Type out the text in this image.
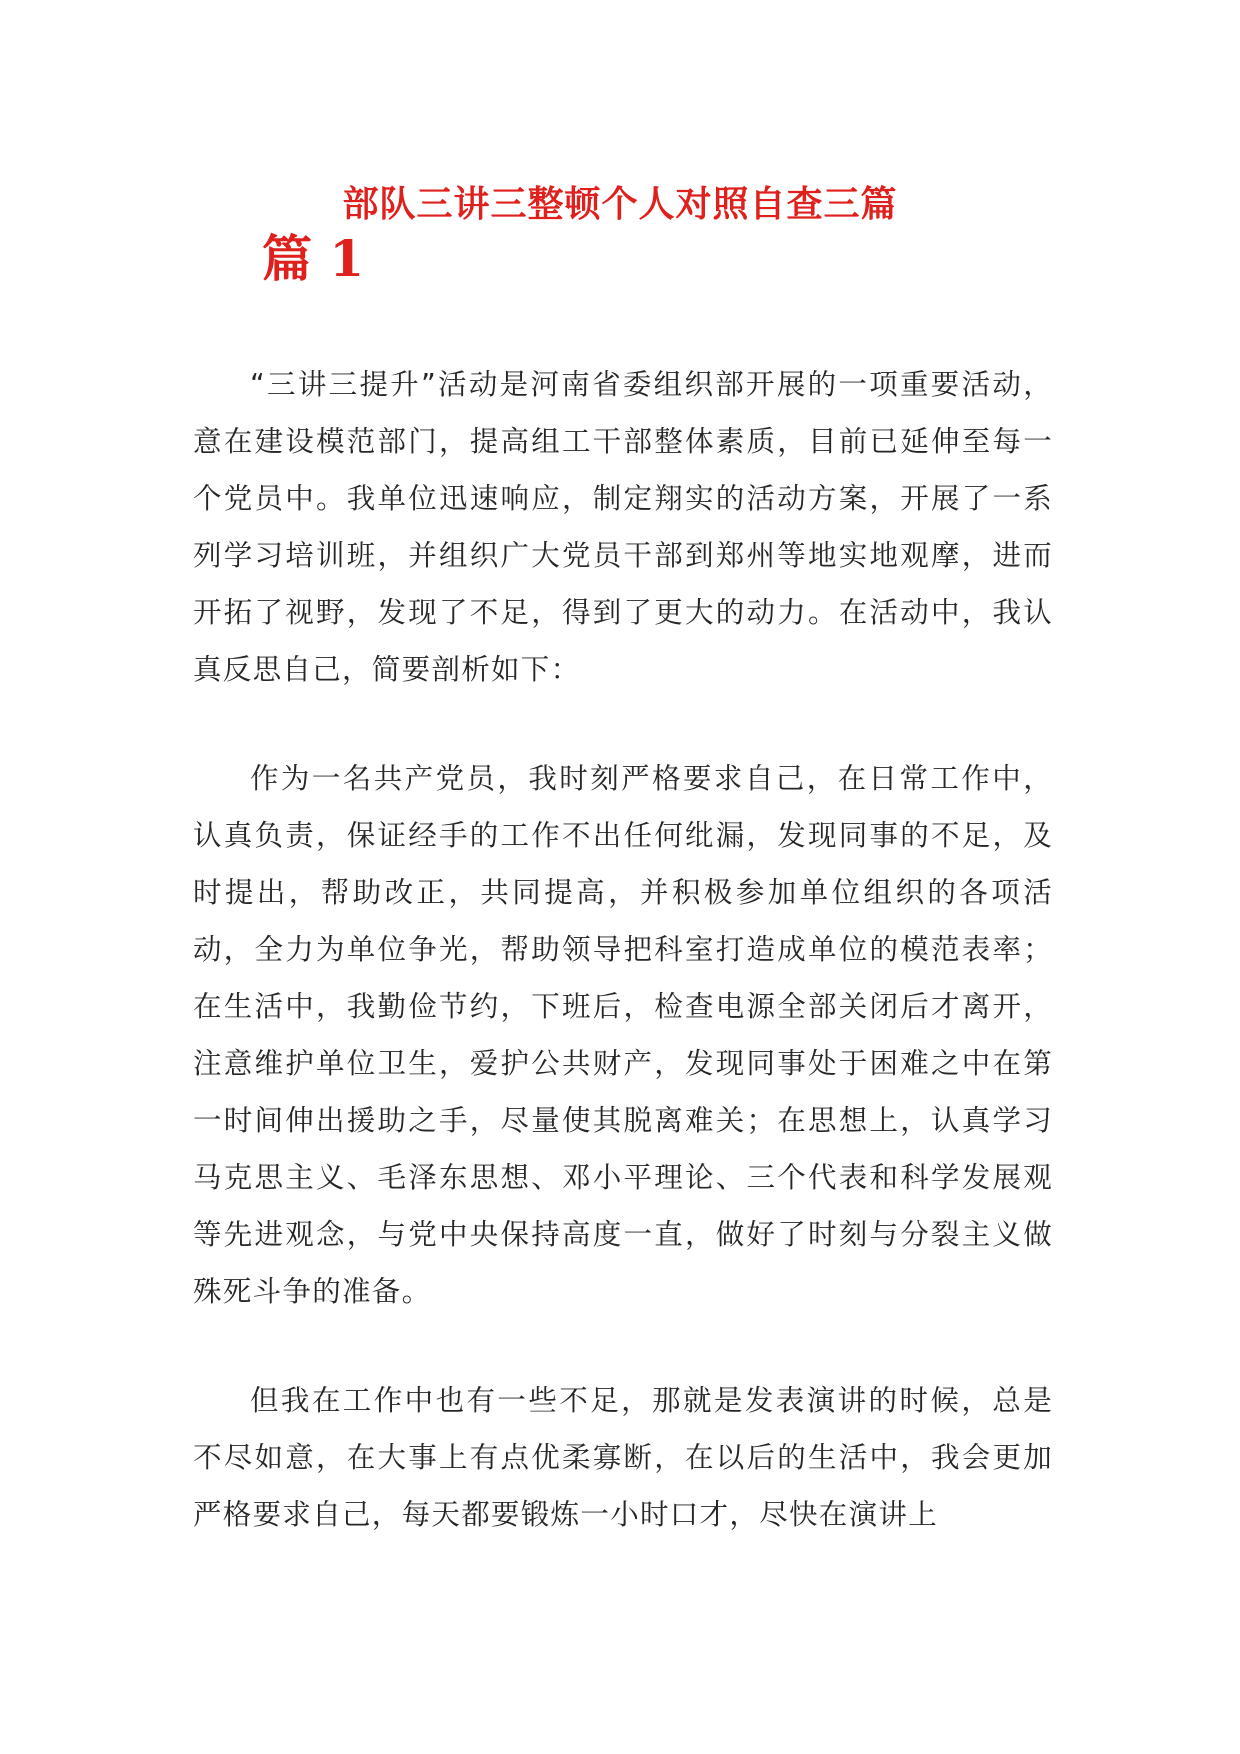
部队三讲三整顿个人对照自查三篇
篇 1

“三讲三提升”活动是河南省委组织部开展的一项重要活动，意在建设模范部门，提高组工干部整体素质，目前已延伸至每一个党员中。我单位迅速响应，制定翔实的活动方案，开展了一系列学习培训班，并组织广大党员干部到郑州等地实地观摩，进而开拓了视野，发现了不足，得到了更大的动力。在活动中，我认真反思自己，简要剖析如下：

作为一名共产党员，我时刻严格要求自己，在日常工作中，认真负责，保证经手的工作不出任何纰漏，发现同事的不足，及时提出，帮助改正，共同提高，并积极参加单位组织的各项活动，全力为单位争光，帮助领导把科室打造成单位的模范表率；在生活中，我勤俭节约，下班后，检查电源全部关闭后才离开，注意维护单位卫生，爱护公共财产，发现同事处于困难之中在第一时间伸出援助之手，尽量使其脱离难关；在思想上，认真学习马克思主义、毛泽东思想、邓小平理论、三个代表和科学发展观等先进观念，与党中央保持高度一直，做好了时刻与分裂主义做殊死斗争的准备。

但我在工作中也有一些不足，那就是发表演讲的时候，总是不尽如意，在大事上有点优柔寡断，在以后的生活中，我会更加严格要求自己，每天都要锻炼一小时口才，尽快在演讲上
